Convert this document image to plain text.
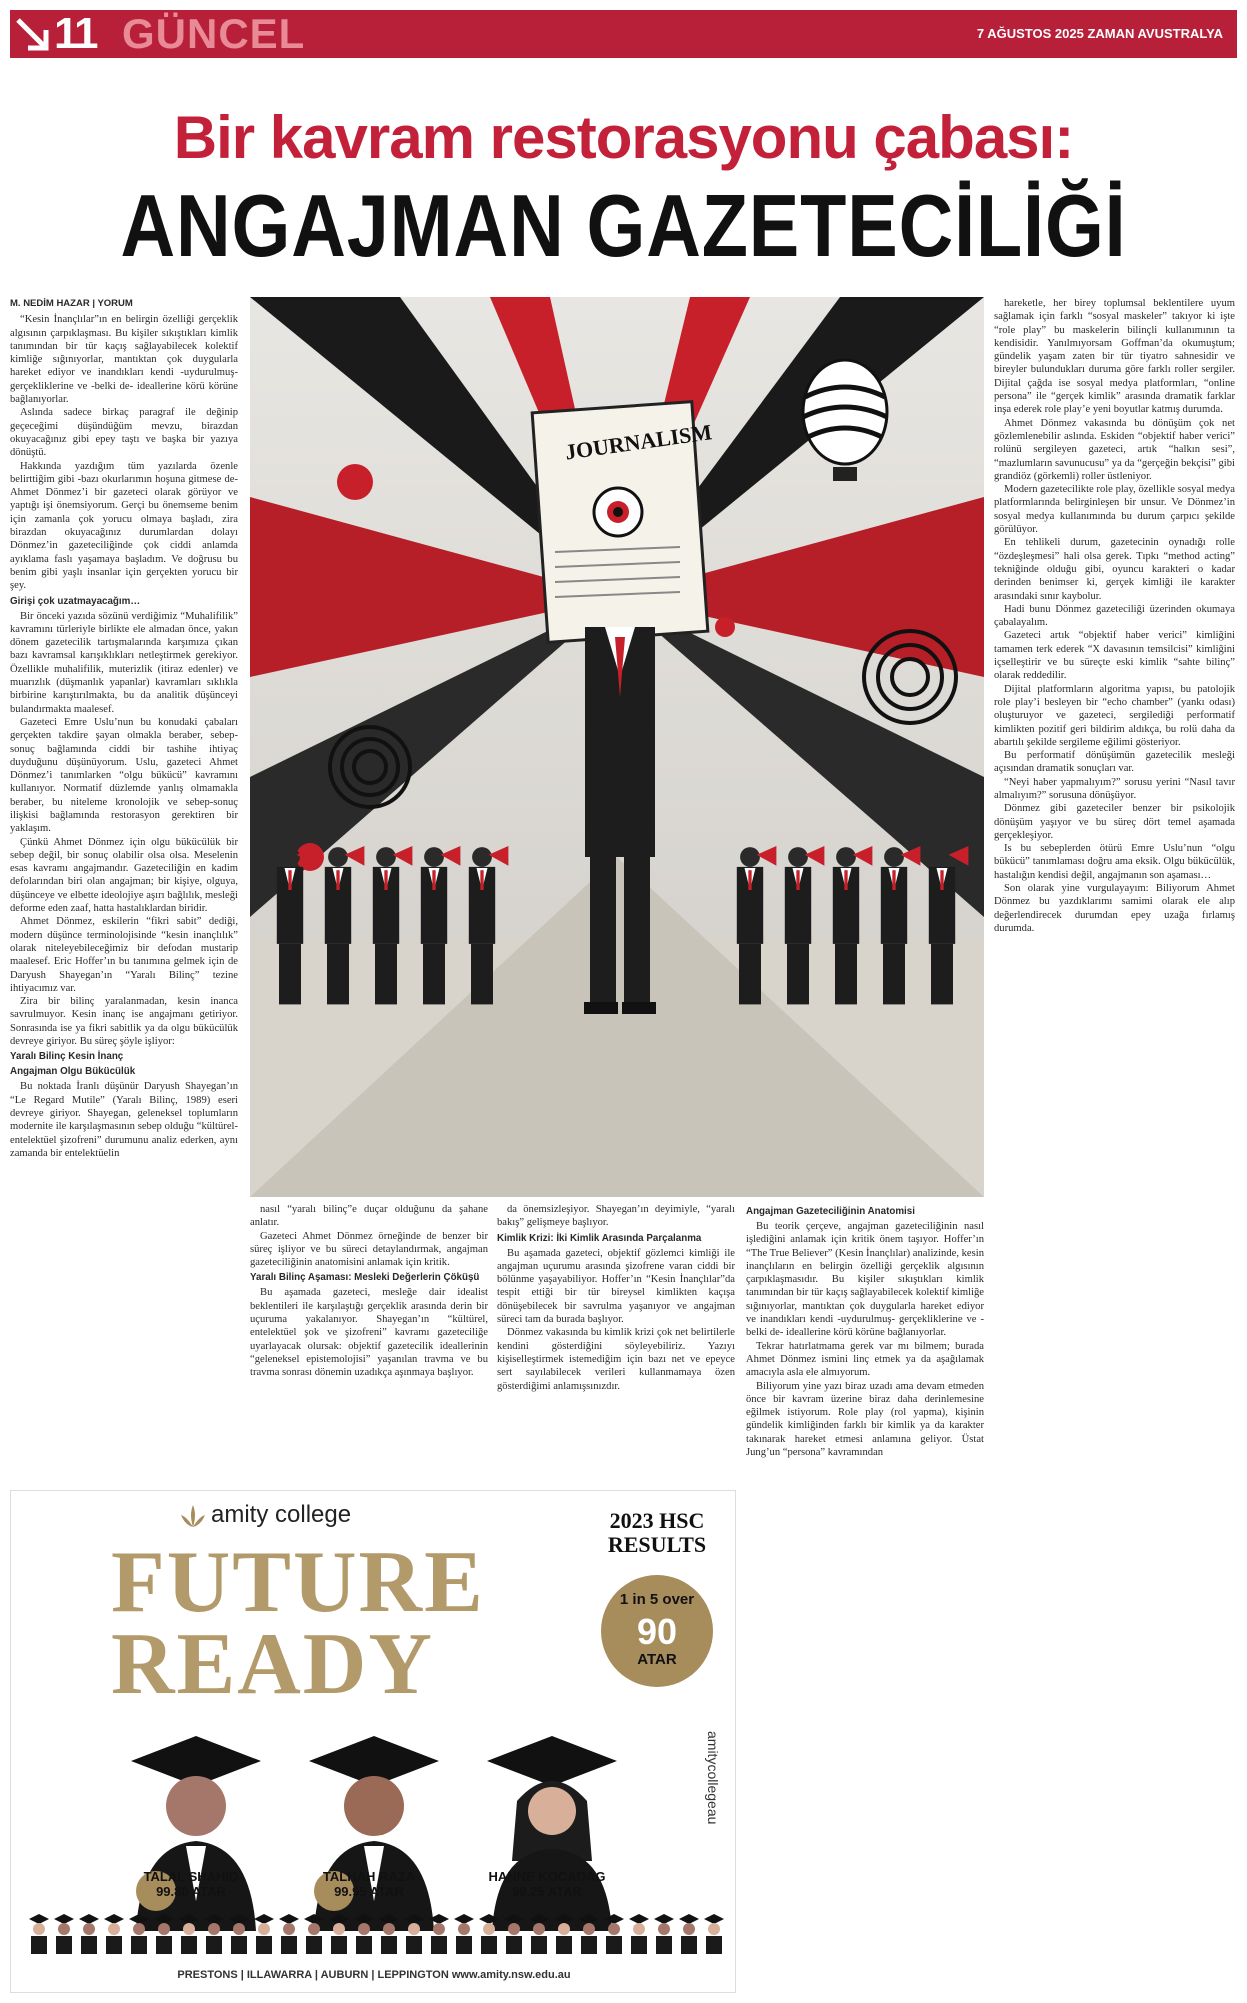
11 GÜNCEL	7 AĞUSTOS 2025 ZAMAN AVUSTRALYA
Bir kavram restorasyonu çabası:
ANGAJMAN GAZETECİLİĞİ
M. NEDİM HAZAR | YORUM

“Kesin İnançlılar”ın en belirgin özelliği gerçeklik algısının çarpıklaşması. Bu kişiler sıkıştıkları kimlik tanımından bir tür kaçış sağlayabilecek kolektif kimliğe sığınıyorlar, mantıktan çok duygularla hareket ediyor ve inandıkları kendi -uydurulmuş-gerçekliklerine ve -belki de- ideallerine körü körüne bağlanıyorlar.

Aslında sadece birkaç paragraf ile değinip geçeceğimi düşündüğüm mevzu, birazdan okuyacağınız gibi epey taştı ve başka bir yazıya dönüştü.

Hakkında yazdığım tüm yazılarda özenle belirttiğim gibi -bazı okurlarımın hoşuna gitmese de- Ahmet Dönmez’i bir gazeteci olarak görüyor ve yaptığı işi önemsiyorum. Gerçi bu önemseme benim için zamanla çok yorucu olmaya başladı, zira birazdan okuyacağınız durumlardan dolayı Dönmez’in gazeteciliğinde çok ciddi anlamda ayıklama faslı yaşamaya başladım. Ve doğrusu bu benim gibi yaşlı insanlar için gerçekten yorucu bir şey.

Girişi çok uzatmayacağım…

Bir önceki yazıda sözünü verdiğimiz “Muhalifilik” kavramını türleriyle birlikte ele almadan önce, yakın dönem gazetecilik tartışmalarında karşımıza çıkan bazı kavramsal karışıklıkları netleştirmek gerekiyor. Özellikle muhalifilik, muterizlik (itiraz edenler) ve muarızlık (düşmanlık yapanlar) kavramları sıklıkla birbirine karıştırılmakta, bu da analitik düşünceyi bulandırmakta maalesef.

Gazeteci Emre Uslu’nun bu konudaki çabaları gerçekten takdire şayan olmakla beraber, sebep-sonuç bağlamında ciddi bir tashihe ihtiyaç duyduğunu düşünüyorum. Uslu, gazeteci Ahmet Dönmez’i tanımlarken “olgu bükücü” kavramını kullanıyor. Normatif düzlemde yanlış olmamakla beraber, bu niteleme kronolojik ve sebep-sonuç ilişkisi bağlamında restorasyon gerektiren bir yaklaşım.

Çünkü Ahmet Dönmez için olgu bükücülük bir sebep değil, bir sonuç olabilir olsa olsa. Meselenin esas kavramı angajmandır. Gazeteciliğin en kadim defolarından biri olan angajman; bir kişiye, olguya, düşünceye ve elbette ideolojiye aşırı bağlılık, mesleği deforme eden zaaf, hatta hastalıklardan biridir.

Ahmet Dönmez, eskilerin “fikri sabit” dediği, modern düşünce terminolojisinde “kesin inançlılık” olarak niteleyebileceğimiz bir defodan mustarip maalesef. Eric Hoffer’ın bu tanımına gelmek için de Daryush Shayegan’ın “Yaralı Bilinç” tezine ihtiyacımız var.

Zira bir bilinç yaralanmadan, kesin inanca savrulmuyor. Kesin inanç ise angajmanı getiriyor. Sonrasında ise ya fikri sabitlik ya da olgu bükücülük devreye giriyor. Bu süreç şöyle işliyor:

Yaralı Bilinç Kesin İnanç
Angajman Olgu Bükücülük

Bu noktada İranlı düşünür Daryush Shayegan’ın “Le Regard Mutile” (Yaralı Bilinç, 1989) eseri devreye giriyor. Shayegan, geleneksel toplumların modernite ile karşılaşmasının sebep olduğu “kültürel-entelektüel şizofreni” durumunu analiz ederken, aynı zamanda bir entelektüelin

JOURNALISM

nasıl “yaralı bilinç”e duçar olduğunu da şahane anlatır.

Gazeteci Ahmet Dönmez örneğinde de benzer bir süreç işliyor ve bu süreci detaylandırmak, angajman gazeteciliğinin anatomisini anlamak için kritik.

Yaralı Bilinç Aşaması: Mesleki Değerlerin Çöküşü

Bu aşamada gazeteci, mesleğe dair idealist beklentileri ile karşılaştığı gerçeklik arasında derin bir uçuruma yakalanıyor. Shayegan’ın “kültürel, entelektüel şok ve şizofreni” kavramı gazeteciliğe uyarlayacak olursak: objektif gazetecilik ideallerinin “geleneksel epistemolojisi” yaşanılan travma ve bu travma sonrası dönemin uzadıkça aşınmaya başlıyor.

da önemsizleşiyor. Shayegan’ın deyimiyle, “yaralı bakış” gelişmeye başlıyor.

Kimlik Krizi: İki Kimlik Arasında Parçalanma

Bu aşamada gazeteci, objektif gözlemci kimliği ile angajman uçurumu arasında şizofrene varan ciddi bir bölünme yaşayabiliyor. Hoffer’ın “Kesin İnançlılar”da tespit ettiği bir tür bireysel kimlikten kaçışa dönüşebilecek bir savrulma yaşanıyor ve angajman süreci tam da burada başlıyor.

Dönmez vakasında bu kimlik krizi çok net belirtilerle kendini gösterdiğini söyleyebiliriz. Yazıyı kişiselleştirmek istemediğim için bazı net ve epeyce sert sayılabilecek verileri kullanmamaya özen gösterdiğimi anlamışsınızdır.

Angajman Gazeteciliğinin Anatomisi

Bu teorik çerçeve, angajman gazeteciliğinin nasıl işlediğini anlamak için kritik önem taşıyor. Hoffer’ın “The True Believer” (Kesin İnançlılar) analizinde, kesin inançlıların en belirgin özelliği gerçeklik algısının çarpıklaşmasıdır. Bu kişiler sıkıştıkları kimlik tanımından bir tür kaçış sağlayabilecek kolektif kimliğe sığınıyorlar, mantıktan çok duygularla hareket ediyor ve inandıkları kendi -uydurulmuş- gerçekliklerine ve -belki de- ideallerine körü körüne bağlanıyorlar.

Tekrar hatırlatmama gerek var mı bilmem; burada Ahmet Dönmez ismini linç etmek ya da aşağılamak amacıyla asla ele almıyorum.

Biliyorum yine yazı biraz uzadı ama devam etmeden önce bir kavram üzerine biraz daha derinlemesine eğilmek istiyorum. Role play (rol yapma), kişinin gündelik kimliğinden farklı bir kimlik ya da karakter takınarak hareket etmesi anlamına geliyor. Üstat Jung’un “persona” kavramından

hareketle, her birey toplumsal beklentilere uyum sağlamak için farklı “sosyal maskeler” takıyor ki işte “role play” bu maskelerin bilinçli kullanımının ta kendisidir. Yanılmıyorsam Goffman’da okumuştum; gündelik yaşam zaten bir tür tiyatro sahnesidir ve bireyler bulundukları duruma göre farklı roller sergiler. Dijital çağda ise sosyal medya platformları, “online persona” ile “gerçek kimlik” arasında dramatik farklar inşa ederek role play’e yeni boyutlar katmış durumda.

Ahmet Dönmez vakasında bu dönüşüm çok net gözlemlenebilir aslında. Eskiden “objektif haber verici” rolünü sergileyen gazeteci, artık “halkın sesi”, “mazlumların savunucusu” ya da “gerçeğin bekçisi” gibi grandiöz (görkemli) roller üstleniyor.

Modern gazetecilikte role play, özellikle sosyal medya platformlarında belirginleşen bir unsur. Ve Dönmez’in sosyal medya kullanımında bu durum çarpıcı şekilde görülüyor.

En tehlikeli durum, gazetecinin oynadığı rolle “özdeşleşmesi” hali olsa gerek. Tıpkı “method acting” tekniğinde olduğu gibi, oyuncu karakteri o kadar derinden benimser ki, gerçek kimliği ile karakter arasındaki sınır kaybolur.

Hadi bunu Dönmez gazeteciliği üzerinden okumaya çabalayalım.

Gazeteci artık “objektif haber verici” kimliğini tamamen terk ederek “X davasının temsilcisi” kimliğini içselleştirir ve bu süreçte eski kimlik “sahte bilinç” olarak reddedilir.

Dijital platformların algoritma yapısı, bu patolojik role play’i besleyen bir “echo chamber” (yankı odası) oluşturuyor ve gazeteci, sergilediği performatif kimlikten pozitif geri bildirim aldıkça, bu rolü daha da abartılı şekilde sergileme eğilimi gösteriyor.

Bu performatif dönüşümün gazetecilik mesleği açısından dramatik sonuçları var.

“Neyi haber yapmalıyım?” sorusu yerini “Nasıl tavır almalıyım?” sorusuna dönüşüyor.

Dönmez gibi gazeteciler benzer bir psikolojik dönüşüm yaşıyor ve bu süreç dört temel aşamada gerçekleşiyor.

Is bu sebeplerden ötürü Emre Uslu’nun “olgu bükücü” tanımlaması doğru ama eksik. Olgu bükücülük, hastalığın kendisi değil, angajmanın son aşaması…

Son olarak yine vurgulayayım: Biliyorum Ahmet Dönmez bu yazdıklarımı samimi olarak ele alıp değerlendirecek durumdan epey uzağa fırlamış durumda.

amity college
FUTURE
READY
2023 HSC
RESULTS
1 in 5 over
90
ATAR
amitycollegeau
TALAL SHAHID
99.80 ATAR
TALHAH RAZA
99.95 ATAR
HANNE KOCADAG
99.25 ATAR
PRESTONS | ILLAWARRA | AUBURN | LEPPINGTON www.amity.nsw.edu.au
